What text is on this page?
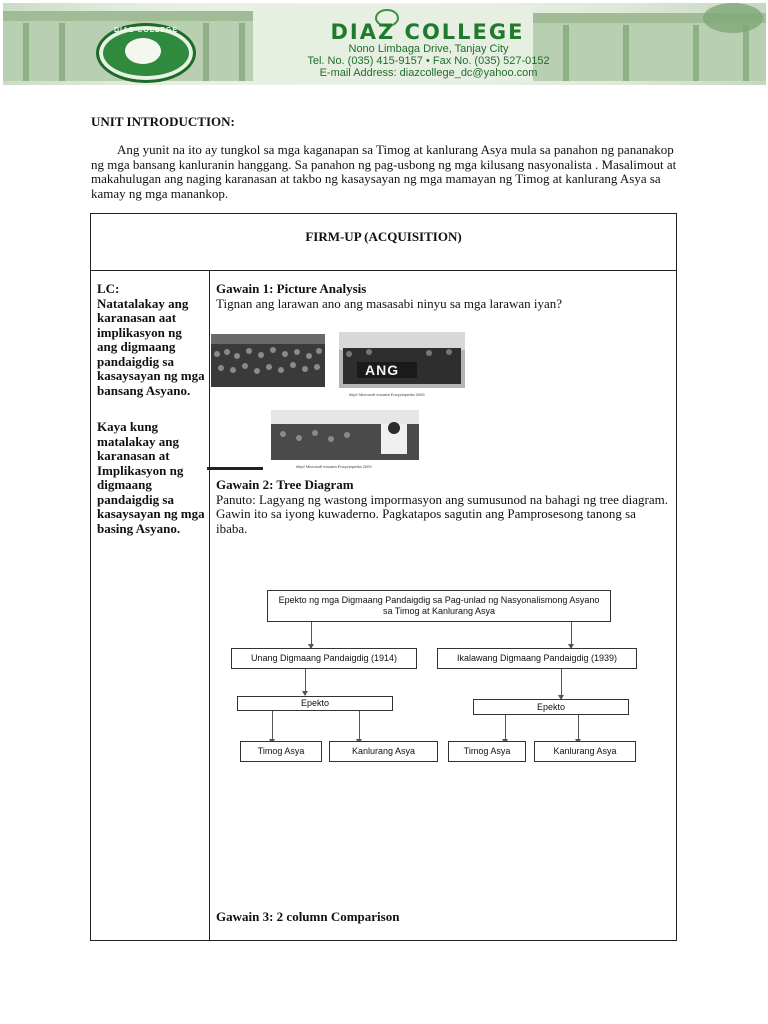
DIAZ COLLEGE	DIAZ COLLEGE
Nono Limbaga Drive, Tanjay City
Tel. No. (035) 415-9157 • Fax No. (035) 527-0152
E-mail Address: diazcollege_dc@yahoo.com
UNIT INTRODUCTION:
Ang yunit na ito ay tungkol sa mga kaganapan sa Timog at kanlurang Asya mula sa panahon ng pananakop ng mga bansang kanluranin hanggang. Sa panahon ng pag-usbong ng mga kilusang nasyonalista . Masalimout at makahulugan ang naging karanasan at takbo ng kasaysayan ng mga mamayan ng Timog at kanlurang Asya sa kamay ng mga manankop.
FIRM-UP (ACQUISITION)

LC:

Natatalakay ang karanasan aat implikasyon ng ang digmaang pandaigdig sa kasaysayan ng mga bansang Asyano.

Kaya kung matalakay ang karanasan at Implikasyon ng digmaang pandaigdig sa kasaysayan ng mga basing Asyano.

Gawain 1: Picture Analysis
Tignan ang larawan ano ang masasabi ninyu sa mga larawan iyan?
ANG
http// Microsoft encarta Encyclopedia 2009
http// Microsoft encarta Encyclopedia 2009
Gawain 2: Tree Diagram
Panuto: Lagyang ng wastong impormasyon ang sumusunod na bahagi ng tree diagram.
Gawin ito sa iyong kuwaderno. Pagkatapos sagutin ang Pamprosesong tanong sa
ibaba.
Epekto ng mga Digmaang Pandaigdig sa Pag-unlad ng Nasyonalismong Asyano sa Timog at Kanlurang Asya
Unang Digmaang Pandaigdig (1914)	Ikalawang Digmaang Pandaigdig (1939)
Epekto	Epekto
Timog Asya	Kanlurang Asya	Timog Asya	Kanlurang Asya
Gawain 3: 2 column Comparison
